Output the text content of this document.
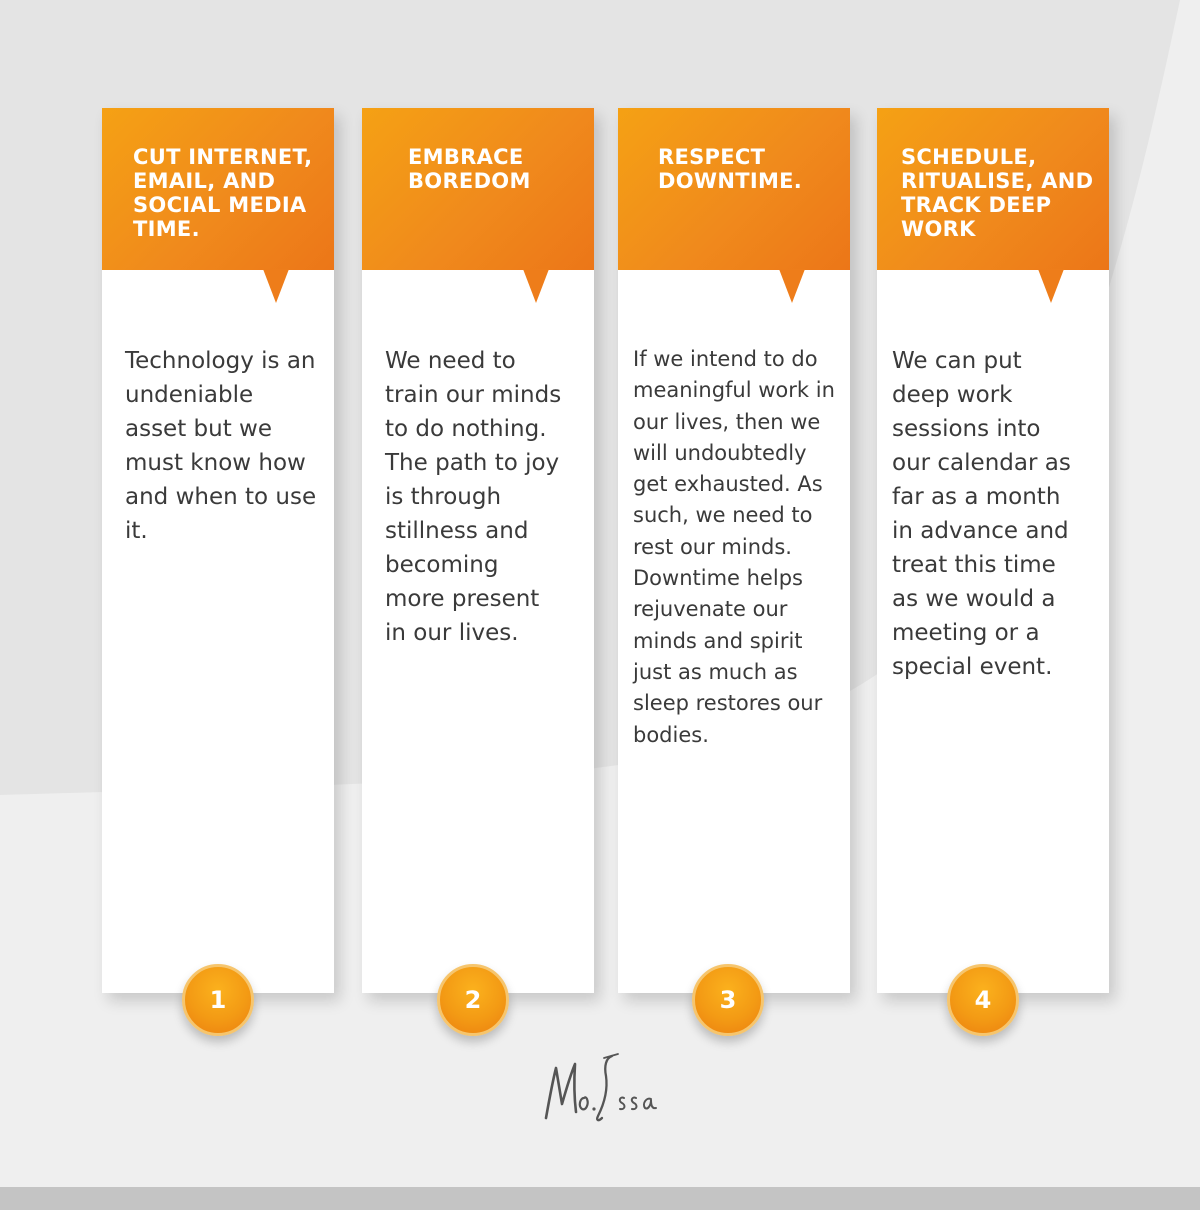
CUT INTERNET,
EMAIL, AND
SOCIAL MEDIA
TIME.

Technology is an
undeniable
asset but we
must know how
and when to use
it.

1

EMBRACE
BOREDOM

We need to
train our minds
to do nothing.
The path to joy
is through
stillness and
becoming
more present
in our lives.

2

RESPECT
DOWNTIME.

If we intend to do
meaningful work in
our lives, then we
will undoubtedly
get exhausted. As
such, we need to
rest our minds.
Downtime helps
rejuvenate our
minds and spirit
just as much as
sleep restores our
bodies.

3

SCHEDULE,
RITUALISE, AND
TRACK DEEP
WORK

We can put
deep work
sessions into
our calendar as
far as a month
in advance and
treat this time
as we would a
meeting or a
special event.

4
